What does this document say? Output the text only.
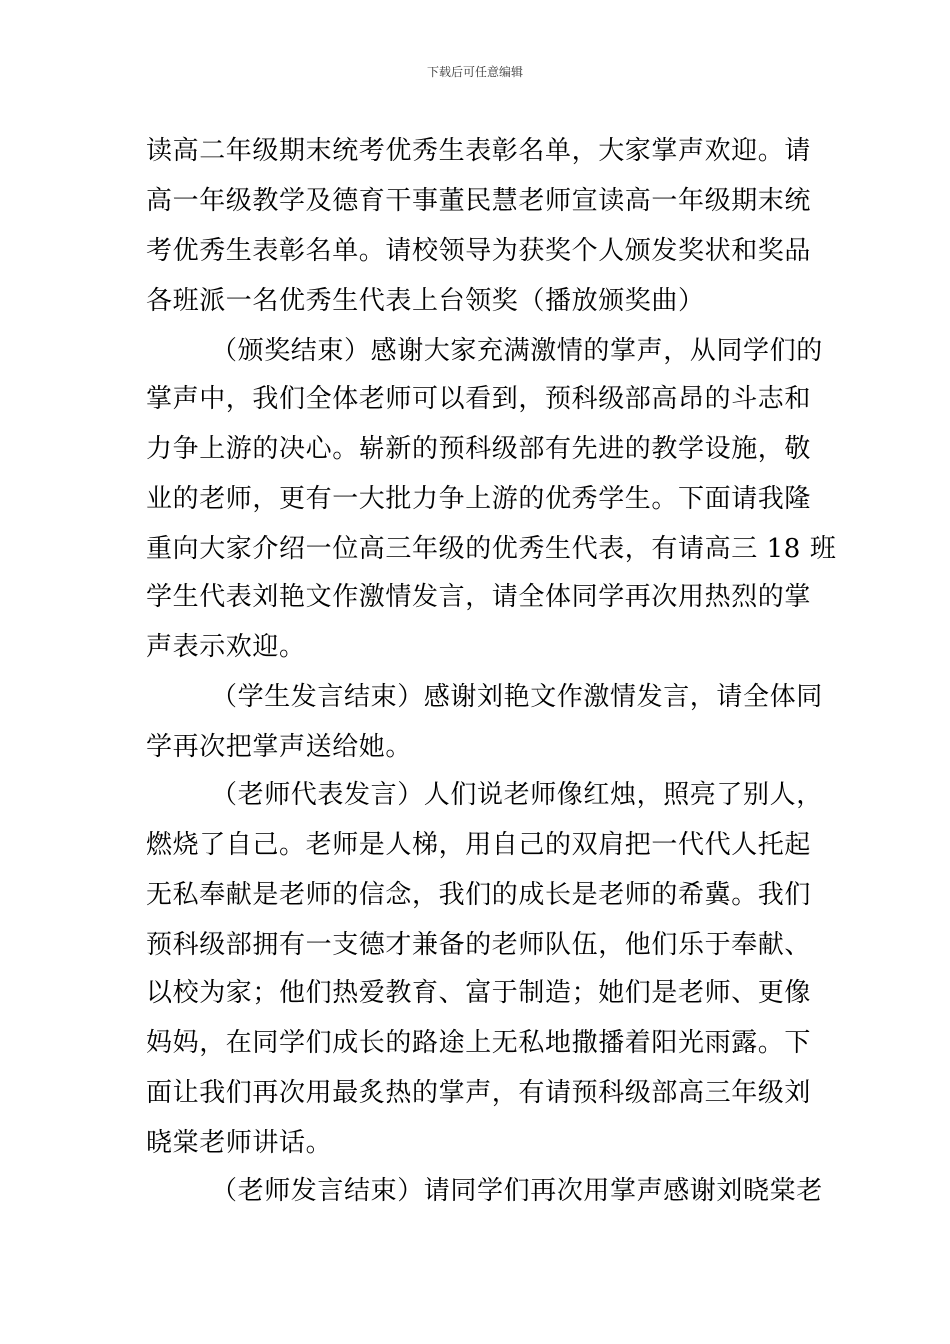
下载后可任意编辑
读高二年级期末统考优秀生表彰名单，大家掌声欢迎。请
高一年级教学及德育干事董民慧老师宣读高一年级期末统
考优秀生表彰名单。请校领导为获奖个人颁发奖状和奖品
各班派一名优秀生代表上台领奖（播放颁奖曲）
（颁奖结束）感谢大家充满激情的掌声，从同学们的
掌声中，我们全体老师可以看到，预科级部高昂的斗志和
力争上游的决心。崭新的预科级部有先进的教学设施，敬
业的老师，更有一大批力争上游的优秀学生。下面请我隆
重向大家介绍一位高三年级的优秀生代表，有请高三 18 班
学生代表刘艳文作激情发言，请全体同学再次用热烈的掌
声表示欢迎。
（学生发言结束）感谢刘艳文作激情发言，请全体同
学再次把掌声送给她。
（老师代表发言）人们说老师像红烛，照亮了别人，
燃烧了自己。老师是人梯，用自己的双肩把一代代人托起
无私奉献是老师的信念，我们的成长是老师的希冀。我们
预科级部拥有一支德才兼备的老师队伍，他们乐于奉献、
以校为家；他们热爱教育、富于制造；她们是老师、更像
妈妈，在同学们成长的路途上无私地撒播着阳光雨露。下
面让我们再次用最炙热的掌声，有请预科级部高三年级刘
晓棠老师讲话。
（老师发言结束）请同学们再次用掌声感谢刘晓棠老
